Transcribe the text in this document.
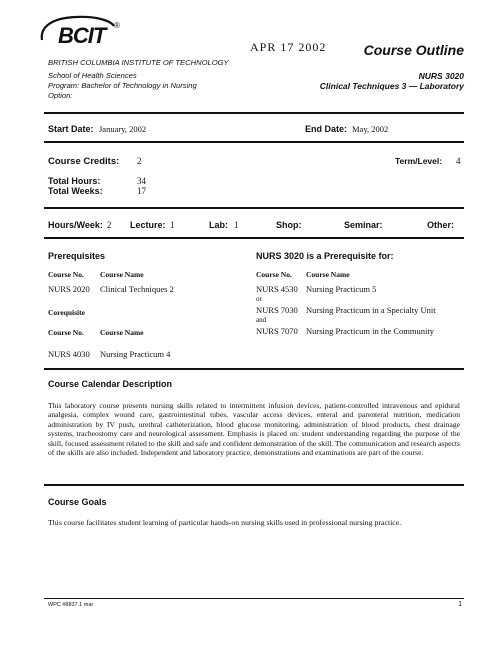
BCIT ®
BRITISH COLUMBIA INSTITUTE OF TECHNOLOGY
School of Health Sciences
Program: Bachelor of Technology in Nursing
Option:
APR 17 2002	Course Outline
NURS 3020
Clinical Techniques 3 — Laboratory
Start Date: January, 2002	End Date: May, 2002
Course Credits: 2	Term/Level: 4
Total Hours:	34
Total Weeks:	17
Hours/Week: 2 Lecture: 1	Lab: 1	Shop:	Seminar:	Other:
Prerequisites
Course No. Course Name
NURS 2020 Clinical Techniques 2
Corequisite
Course No. Course Name
NURS 4030 Nursing Practicum 4
NURS 3020 is a Prerequisite for:
Course No. Course Name
NURS 4530 Nursing Practicum 5
or
NURS 7030 Nursing Practicum in a Specialty Unit
and
NURS 7070 Nursing Practicum in the Community
Course Calendar Description
This laboratory course presents nursing skills related to intermittent infusion devices, patient-controlled intravenous and epidural analgesia, complex wound care, gastrointestinal tubes, vascular access devices, enteral and parenteral nutrition, medication administration by IV push, urethral catheterization, blood glucose monitoring, administration of blood products, chest drainage systems, tracheostomy care and neurological assessment. Emphasis is placed on: student understanding regarding the purpose of the skill, focused assessment related to the skill and safe and confident demonstration of the skill. The communication and research aspects of the skills are also included. Independent and laboratory practice, demonstrations and examinations are part of the course.
Course Goals
This course facilitates student learning of particular hands-on nursing skills used in professional nursing practice.
WPC #8837.1 mar	1
